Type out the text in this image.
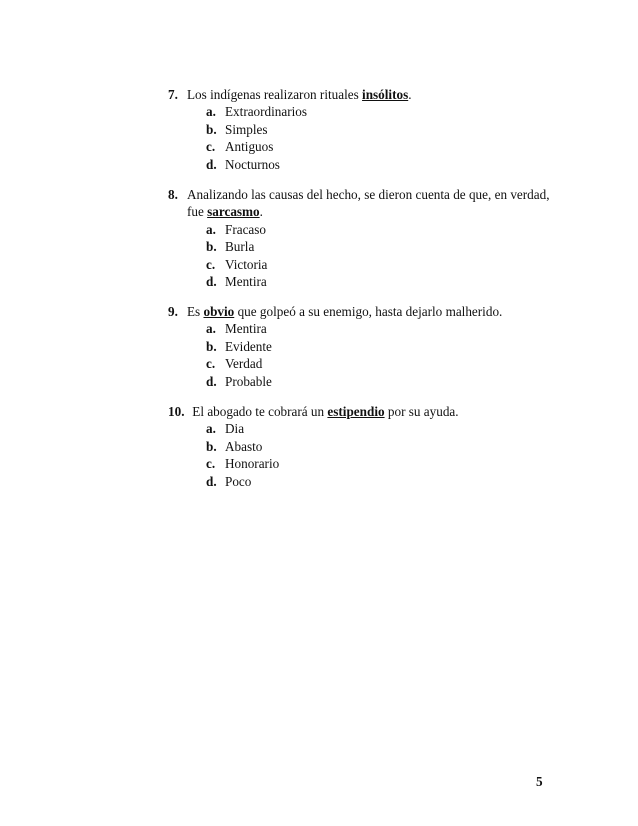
7. Los indígenas realizaron rituales insólitos.
a. Extraordinarios
b. Simples
c. Antiguos
d. Nocturnos
8. Analizando las causas del hecho, se dieron cuenta de que, en verdad,
fue sarcasmo.
a. Fracaso
b. Burla
c. Victoria
d. Mentira
9. Es obvio que golpeó a su enemigo, hasta dejarlo malherido.
a. Mentira
b. Evidente
c. Verdad
d. Probable
10. El abogado te cobrará un estipendio por su ayuda.
a. Dia
b. Abasto
c. Honorario
d. Poco
5
